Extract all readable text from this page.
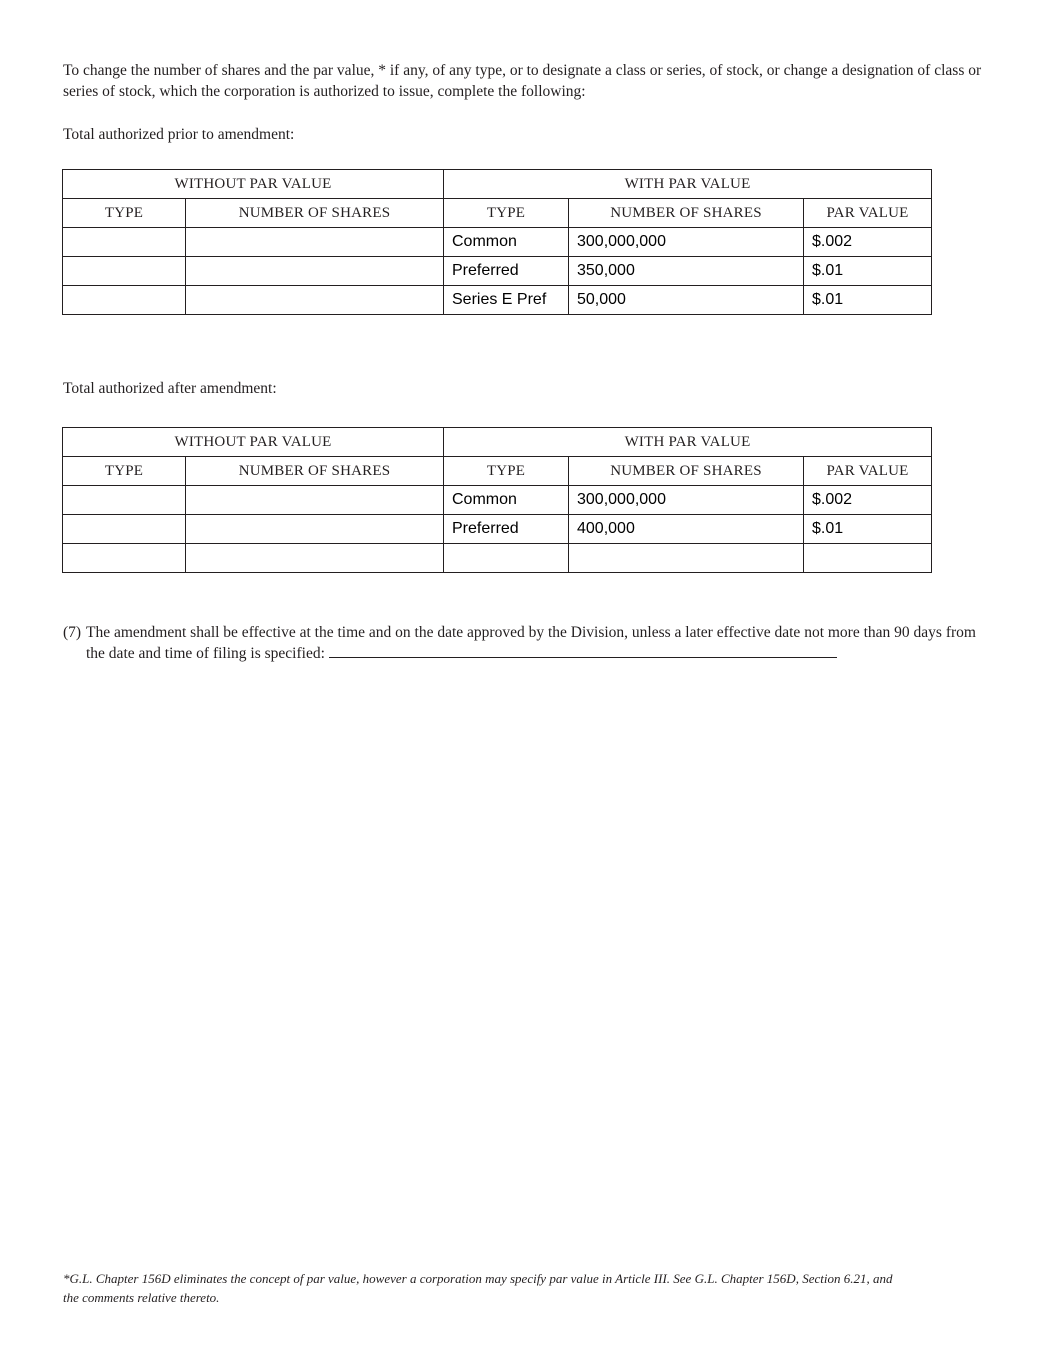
To change the number of shares and the par value, * if any, of any type, or to designate a class or series, of stock, or change a designation of class or series of stock, which the corporation is authorized to issue, complete the following:

Total authorized prior to amendment:

WITHOUT PAR VALUE		WITH PAR VALUE		
TYPE	NUMBER OF SHARES	TYPE	NUMBER OF SHARES	PAR VALUE
		Common	300,000,000	$.002
		Preferred	350,000	$.01
		Series E Pref	50,000	$.01

Total authorized after amendment:

WITHOUT PAR VALUE		WITH PAR VALUE		
TYPE	NUMBER OF SHARES	TYPE	NUMBER OF SHARES	PAR VALUE
		Common	300,000,000	$.002
		Preferred	400,000	$.01

(7) The amendment shall be effective at the time and on the date approved by the Division, unless a later effective date not more than 90 days from the date and time of filing is specified:
*G.L. Chapter 156D eliminates the concept of par value, however a corporation may specify par value in Article III. See G.L. Chapter 156D, Section 6.21, and the comments relative thereto.
